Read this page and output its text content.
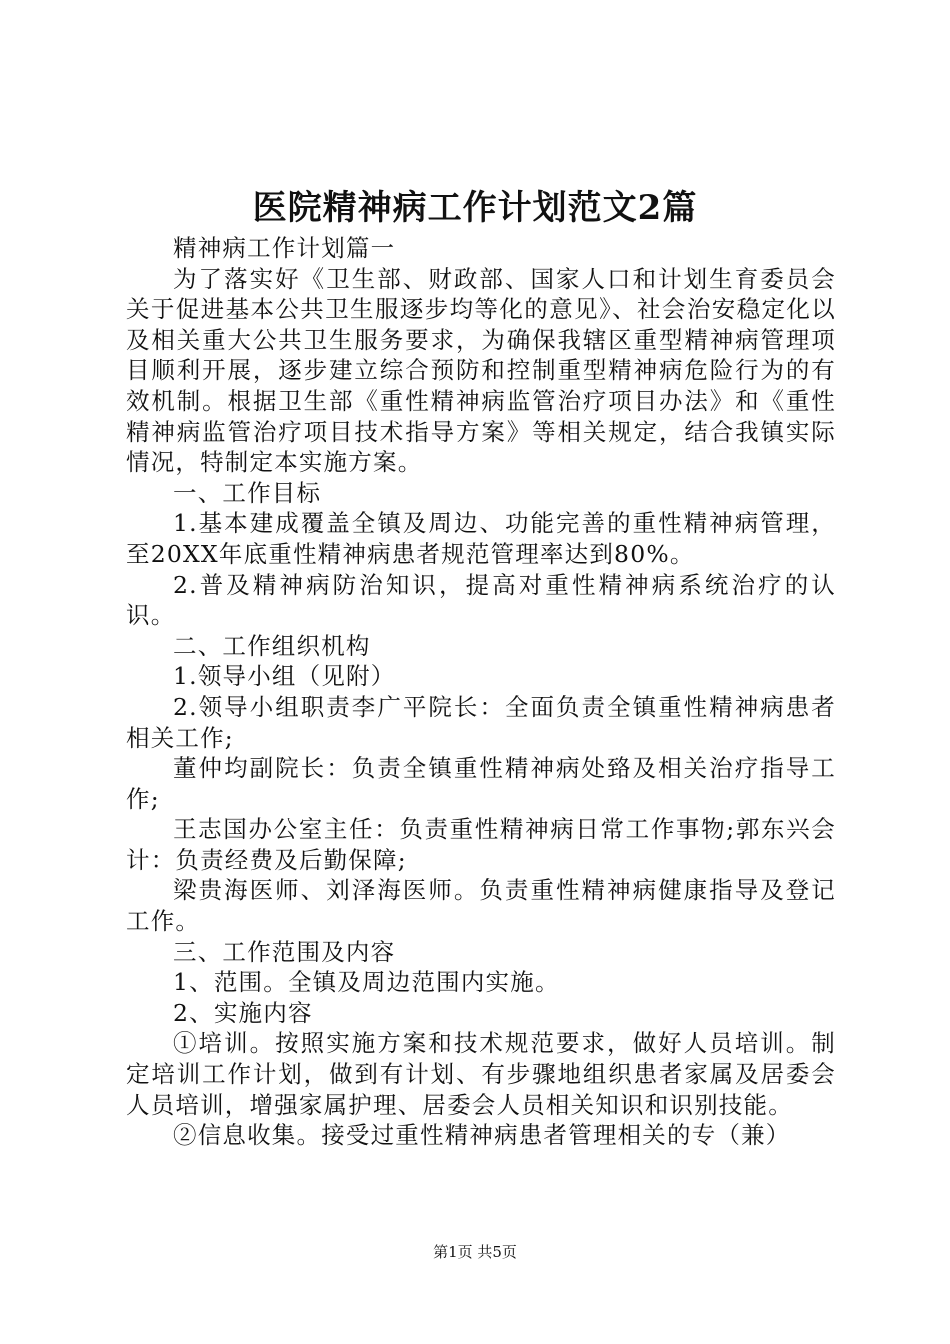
医院精神病工作计划范文2篇

精神病工作计划篇一

为了落实好《卫生部、财政部、国家人口和计划生育委员会关于促进基本公共卫生服逐步均等化的意见》、社会治安稳定化以及相关重大公共卫生服务要求，为确保我辖区重型精神病管理项目顺利开展，逐步建立综合预防和控制重型精神病危险行为的有效机制。根据卫生部《重性精神病监管治疗项目办法》和《重性精神病监管治疗项目技术指导方案》等相关规定，结合我镇实际情况，特制定本实施方案。

一、工作目标

1.基本建成覆盖全镇及周边、功能完善的重性精神病管理，至20XX年底重性精神病患者规范管理率达到80%。

2.普及精神病防治知识，提高对重性精神病系统治疗的认识。

二、工作组织机构

1.领导小组（见附）

2.领导小组职责李广平院长：全面负责全镇重性精神病患者相关工作;

董仲均副院长：负责全镇重性精神病处臵及相关治疗指导工作;

王志国办公室主任：负责重性精神病日常工作事物;郭东兴会计：负责经费及后勤保障;

梁贵海医师、刘泽海医师。负责重性精神病健康指导及登记工作。

三、工作范围及内容

1、范围。全镇及周边范围内实施。

2、实施内容

①培训。按照实施方案和技术规范要求，做好人员培训。制定培训工作计划，做到有计划、有步骤地组织患者家属及居委会人员培训，增强家属护理、居委会人员相关知识和识别技能。

②信息收集。接受过重性精神病患者管理相关的专（兼）

第1页 共5页
